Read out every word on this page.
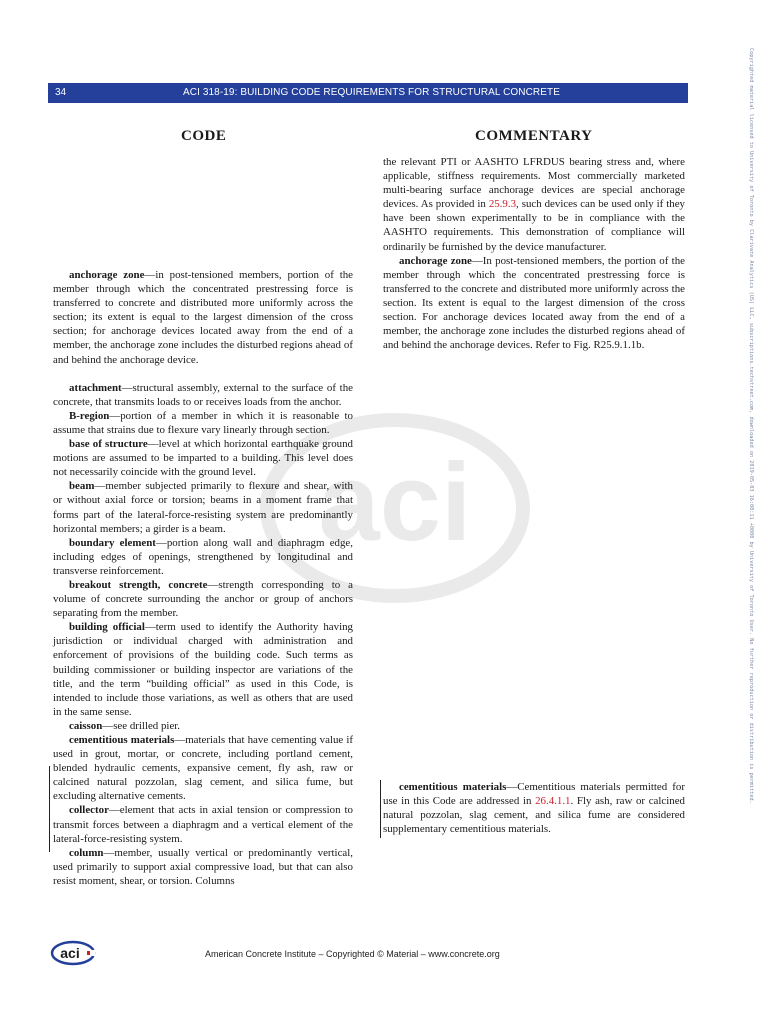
Copyrighted material licensed to University of Toronto by Clarivate Analytics (US) LLC, subscriptions.techstreet.com, downloaded on 2019-05-03 16:08:11 +0000 by University of Toronto User. No further reproduction or distribution is permitted.
34	ACI 318-19: BUILDING CODE REQUIREMENTS FOR STRUCTURAL CONCRETE
CODE	COMMENTARY
aci

the relevant PTI or AASHTO LFRDUS bearing stress and, where applicable, stiffness requirements. Most commercially marketed multi-bearing surface anchorage devices are special anchorage devices. As provided in 25.9.3, such devices can be used only if they have been shown experimentally to be in compliance with the AASHTO requirements. This demonstration of compliance will ordinarily be furnished by the device manufacturer.

anchorage zone—In post-tensioned members, the portion of the member through which the concentrated prestressing force is transferred to the concrete and distributed more uniformly across the section. Its extent is equal to the largest dimension of the cross section. For anchorage devices located away from the end of a member, the anchorage zone includes the disturbed regions ahead of and behind the anchorage devices. Refer to Fig. R25.9.1.1b.

cementitious materials—Cementitious materials permitted for use in this Code are addressed in 26.4.1.1. Fly ash, raw or calcined natural pozzolan, slag cement, and silica fume are considered supplementary cementitious materials.

anchorage zone—in post-tensioned members, portion of the member through which the concentrated prestressing force is transferred to concrete and distributed more uniformly across the section; its extent is equal to the largest dimension of the cross section; for anchorage devices located away from the end of a member, the anchorage zone includes the disturbed regions ahead of and behind the anchorage device.

attachment—structural assembly, external to the surface of the concrete, that transmits loads to or receives loads from the anchor.

B-region—portion of a member in which it is reasonable to assume that strains due to flexure vary linearly through section.

base of structure—level at which horizontal earthquake ground motions are assumed to be imparted to a building. This level does not necessarily coincide with the ground level.

beam—member subjected primarily to flexure and shear, with or without axial force or torsion; beams in a moment frame that forms part of the lateral-force-resisting system are predominantly horizontal members; a girder is a beam.

boundary element—portion along wall and diaphragm edge, including edges of openings, strengthened by longitudinal and transverse reinforcement.

breakout strength, concrete—strength corresponding to a volume of concrete surrounding the anchor or group of anchors separating from the member.

building official—term used to identify the Authority having jurisdiction or individual charged with administration and enforcement of provisions of the building code. Such terms as building commissioner or building inspector are variations of the title, and the term “building official” as used in this Code, is intended to include those variations, as well as others that are used in the same sense.

caisson—see drilled pier.

cementitious materials—materials that have cementing value if used in grout, mortar, or concrete, including portland cement, blended hydraulic cements, expansive cement, fly ash, raw or calcined natural pozzolan, slag cement, and silica fume, but excluding alternative cements.

collector—element that acts in axial tension or compression to transmit forces between a diaphragm and a vertical element of the lateral-force-resisting system.

column—member, usually vertical or predominantly vertical, used primarily to support axial compressive load, but that can also resist moment, shear, or torsion. Columns

aci	American Concrete Institute – Copyrighted © Material – www.concrete.org
